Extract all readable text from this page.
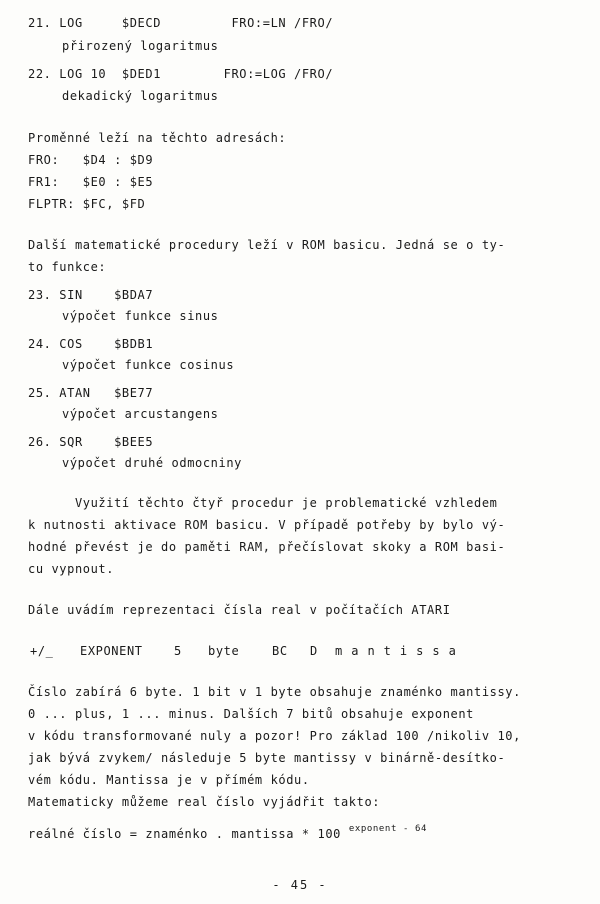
21. LOG     $DECD         FRO:=LN /FRO/
přirozený logaritmus
22. LOG 10  $DED1        FRO:=LOG /FRO/
dekadický logaritmus
Proměnné leží na těchto adresách:
FRO:   $D4 : $D9
FR1:   $E0 : $E5
FLPTR: $FC, $FD
Další matematické procedury leží v ROM basicu. Jedná se o ty-
to funkce:
23. SIN    $BDA7
výpočet funkce sinus
24. COS    $BDB1
výpočet funkce cosinus
25. ATAN   $BE77
výpočet arcustangens
26. SQR    $BEE5
výpočet druhé odmocniny
Využití těchto čtyř procedur je problematické vzhledem
k nutnosti aktivace ROM basicu. V případě potřeby by bylo vý-
hodné převést je do paměti RAM, přečíslovat skoky a ROM basi-
cu vypnout.
Dále uvádím reprezentaci čísla real v počítačích ATARI
+/_ EXPONENT	5 byte	BC D mantissa
Číslo zabírá 6 byte. 1 bit v 1 byte obsahuje znaménko mantissy.
0 ... plus, 1 ... minus. Dalších 7 bitů obsahuje exponent
v kódu transformované nuly a pozor! Pro základ 100 /nikoliv 10,
jak bývá zvykem/ následuje 5 byte mantissy v binárně-desítko-
vém kódu. Mantissa je v přímém kódu.
Matematicky můžeme real číslo vyjádřit takto:
reálné číslo = znaménko . mantissa * 100 $^{exponent - 64}$
- 45 -
